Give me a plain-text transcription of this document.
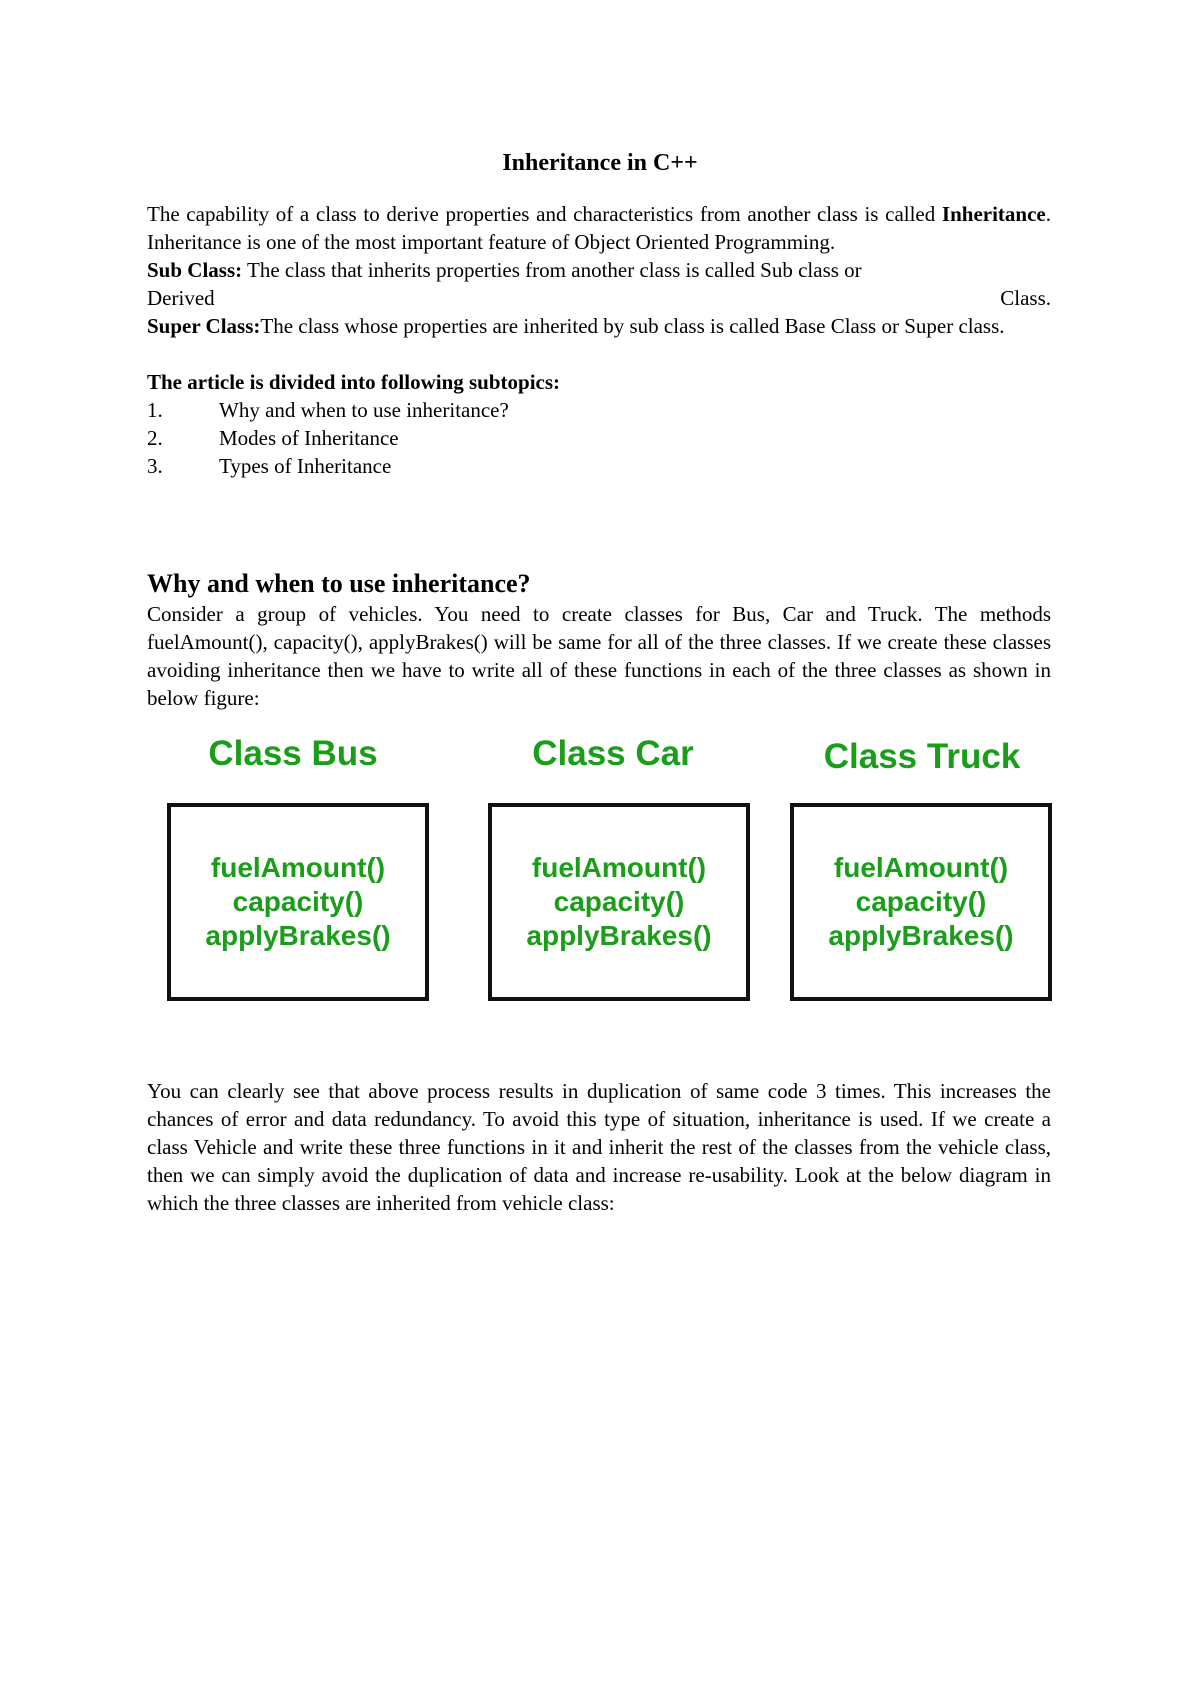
Inheritance in C++

The capability of a class to derive properties and characteristics from another class is called Inheritance. Inheritance is one of the most important feature of Object Oriented Programming.

Sub Class: The class that inherits properties from another class is called Sub class or

Derived	Class.

Super Class:The class whose properties are inherited by sub class is called Base Class or Super class.

The article is divided into following subtopics:

1.	Why and when to use inheritance?
2.	Modes of Inheritance
3.	Types of Inheritance
Why and when to use inheritance?

Consider a group of vehicles. You need to create classes for Bus, Car and Truck. The methods fuelAmount(), capacity(), applyBrakes() will be same for all of the three classes. If we create these classes avoiding inheritance then we have to write all of these functions in each of the three classes as shown in below figure:

Class Bus	Class Car	Class Truck
fuelAmount()
capacity()
applyBrakes()
fuelAmount()
capacity()
applyBrakes()
fuelAmount()
capacity()
applyBrakes()

You can clearly see that above process results in duplication of same code 3 times. This increases the chances of error and data redundancy. To avoid this type of situation, inheritance is used. If we create a class Vehicle and write these three functions in it and inherit the rest of the classes from the vehicle class, then we can simply avoid the duplication of data and increase re-usability. Look at the below diagram in which the three classes are inherited from vehicle class:
